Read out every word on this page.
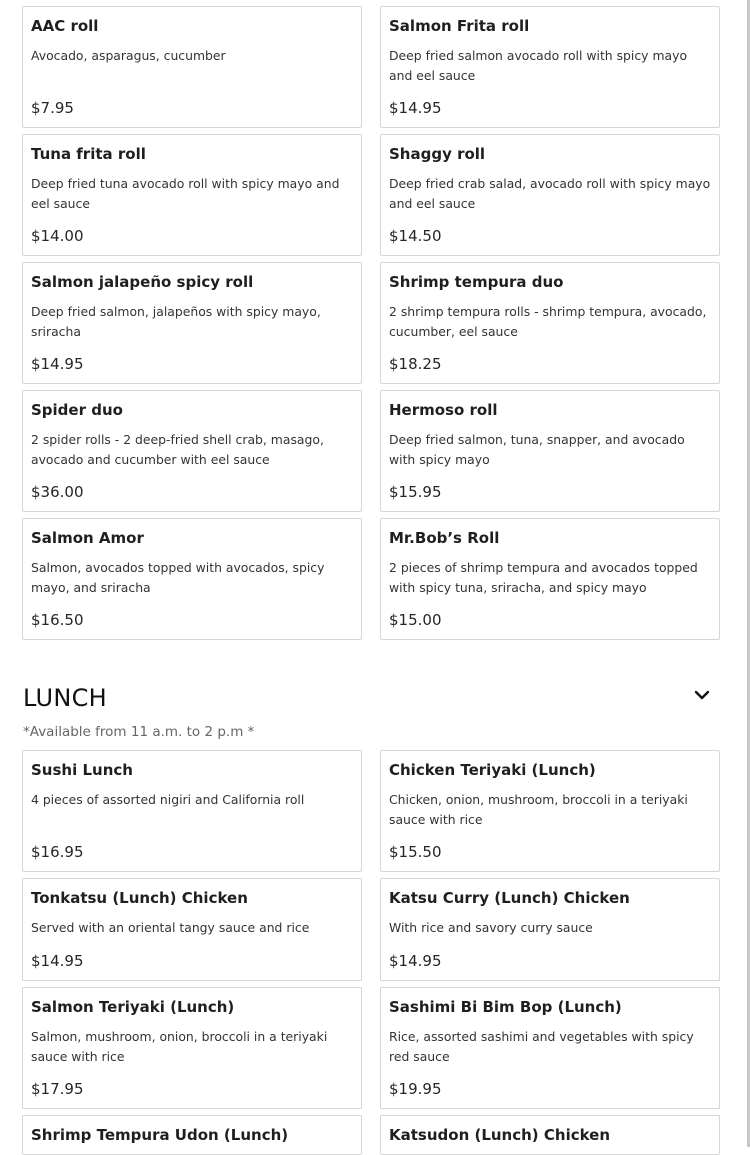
AAC roll
Avocado, asparagus, cucumber
$7.95
Salmon Frita roll
Deep fried salmon avocado roll with spicy mayo and eel sauce
$14.95
Tuna frita roll
Deep fried tuna avocado roll with spicy mayo and eel sauce
$14.00
Shaggy roll
Deep fried crab salad, avocado roll with spicy mayo and eel sauce
$14.50
Salmon jalapeño spicy roll
Deep fried salmon, jalapeños with spicy mayo, sriracha
$14.95
Shrimp tempura duo
2 shrimp tempura rolls - shrimp tempura, avocado, cucumber, eel sauce
$18.25
Spider duo
2 spider rolls - 2 deep-fried shell crab, masago, avocado and cucumber with eel sauce
$36.00
Hermoso roll
Deep fried salmon, tuna, snapper, and avocado with spicy mayo
$15.95
Salmon Amor
Salmon, avocados topped with avocados, spicy mayo, and sriracha
$16.50
Mr.Bob’s Roll
2 pieces of shrimp tempura and avocados topped with spicy tuna, sriracha, and spicy mayo
$15.00
LUNCH
*Available from 11 a.m. to 2 p.m *
Sushi Lunch
4 pieces of assorted nigiri and California roll
$16.95
Chicken Teriyaki (Lunch)
Chicken, onion, mushroom, broccoli in a teriyaki sauce with rice
$15.50
Tonkatsu (Lunch) Chicken
Served with an oriental tangy sauce and rice
$14.95
Katsu Curry (Lunch) Chicken
With rice and savory curry sauce
$14.95
Salmon Teriyaki (Lunch)
Salmon, mushroom, onion, broccoli in a teriyaki sauce with rice
$17.95
Sashimi Bi Bim Bop (Lunch)
Rice, assorted sashimi and vegetables with spicy red sauce
$19.95
Shrimp Tempura Udon (Lunch)	Katsudon (Lunch) Chicken
